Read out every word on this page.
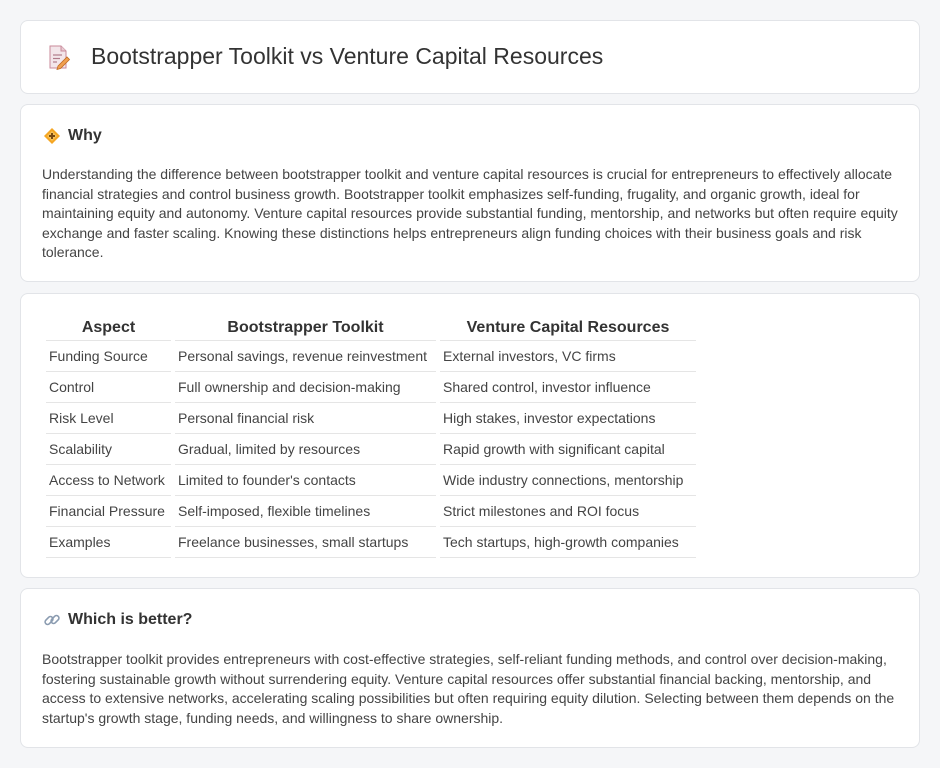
Bootstrapper Toolkit vs Venture Capital Resources
Why

Understanding the difference between bootstrapper toolkit and venture capital resources is crucial for entrepreneurs to effectively allocate financial strategies and control business growth. Bootstrapper toolkit emphasizes self-funding, frugality, and organic growth, ideal for maintaining equity and autonomy. Venture capital resources provide substantial funding, mentorship, and networks but often require equity exchange and faster scaling. Knowing these distinctions helps entrepreneurs align funding choices with their business goals and risk tolerance.

Aspect	Bootstrapper Toolkit	Venture Capital Resources
Funding Source	Personal savings, revenue reinvestment	External investors, VC firms
Control	Full ownership and decision-making	Shared control, investor influence
Risk Level	Personal financial risk	High stakes, investor expectations
Scalability	Gradual, limited by resources	Rapid growth with significant capital
Access to Network	Limited to founder's contacts	Wide industry connections, mentorship
Financial Pressure	Self-imposed, flexible timelines	Strict milestones and ROI focus
Examples	Freelance businesses, small startups	Tech startups, high-growth companies
Which is better?

Bootstrapper toolkit provides entrepreneurs with cost-effective strategies, self-reliant funding methods, and control over decision-making, fostering sustainable growth without surrendering equity. Venture capital resources offer substantial financial backing, mentorship, and access to extensive networks, accelerating scaling possibilities but often requiring equity dilution. Selecting between them depends on the startup's growth stage, funding needs, and willingness to share ownership.
